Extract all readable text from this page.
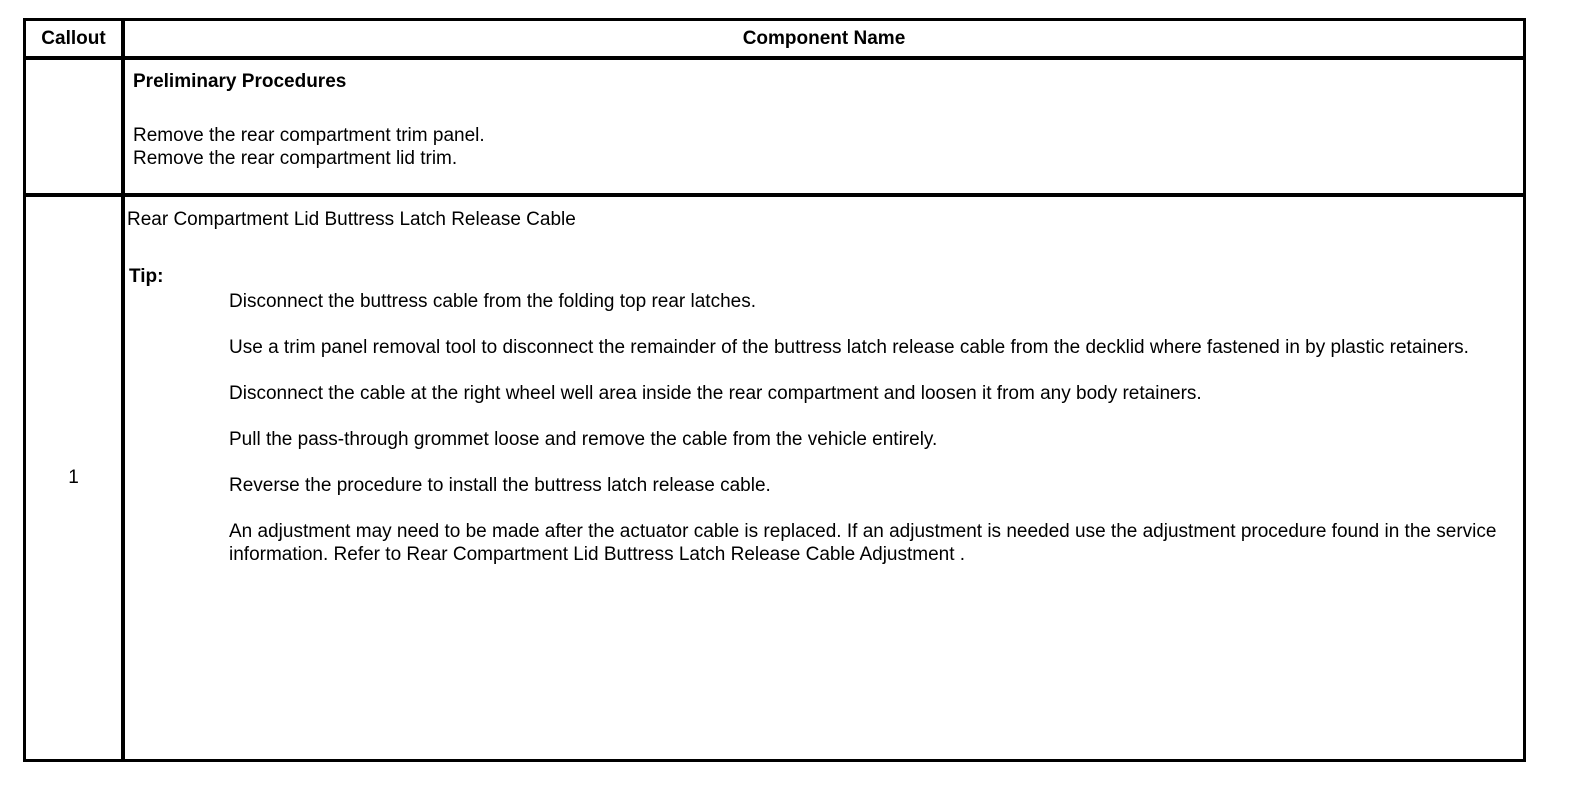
Callout	Component Name
Preliminary Procedures
Remove the rear compartment trim panel.
Remove the rear compartment lid trim.
1
Rear Compartment Lid Buttress Latch Release Cable
Tip:
Disconnect the buttress cable from the folding top rear latches.
Use a trim panel removal tool to disconnect the remainder of the buttress latch release cable from the decklid where fastened in by plastic retainers.
Disconnect the cable at the right wheel well area inside the rear compartment and loosen it from any body retainers.
Pull the pass-through grommet loose and remove the cable from the vehicle entirely.
Reverse the procedure to install the buttress latch release cable.
An adjustment may need to be made after the actuator cable is replaced. If an adjustment is needed use the adjustment procedure found in the service information. Refer to Rear Compartment Lid Buttress Latch Release Cable Adjustment .
